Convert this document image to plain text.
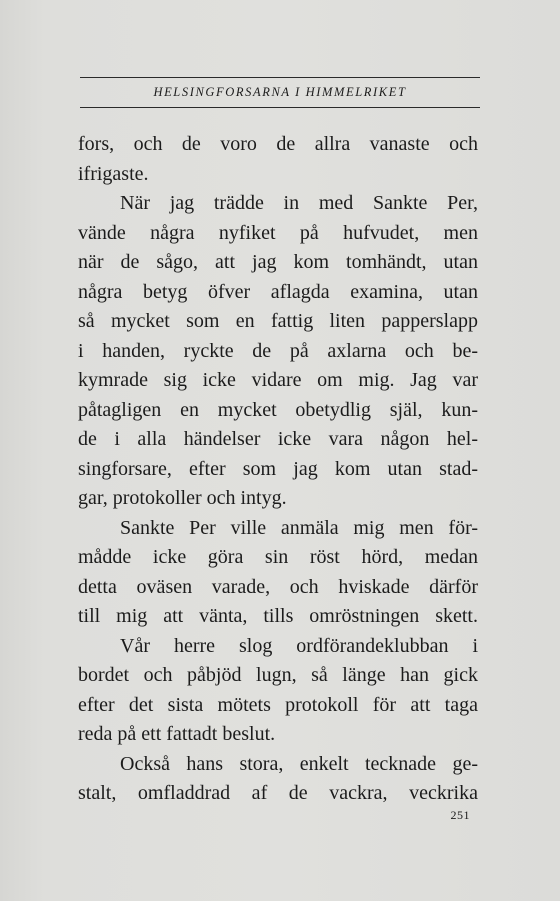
HELSINGFORSARNA I HIMMELRIKET
fors, och de voro de allra vanaste och
ifrigaste.
När jag trädde in med Sankte Per,
vände några nyfiket på hufvudet, men
när de sågo, att jag kom tomhändt, utan
några betyg öfver aflagda examina, utan
så mycket som en fattig liten papperslapp
i handen, ryckte de på axlarna och be-
kymrade sig icke vidare om mig. Jag var
påtagligen en mycket obetydlig själ, kun-
de i alla händelser icke vara någon hel-
singforsare, efter som jag kom utan stad-
gar, protokoller och intyg.
Sankte Per ville anmäla mig men för-
mådde icke göra sin röst hörd, medan
detta oväsen varade, och hviskade därför
till mig att vänta, tills omröstningen skett.
Vår herre slog ordförandeklubban i
bordet och påbjöd lugn, så länge han gick
efter det sista mötets protokoll för att taga
reda på ett fattadt beslut.
Också hans stora, enkelt tecknade ge-
stalt, omfladdrad af de vackra, veckrika
251
